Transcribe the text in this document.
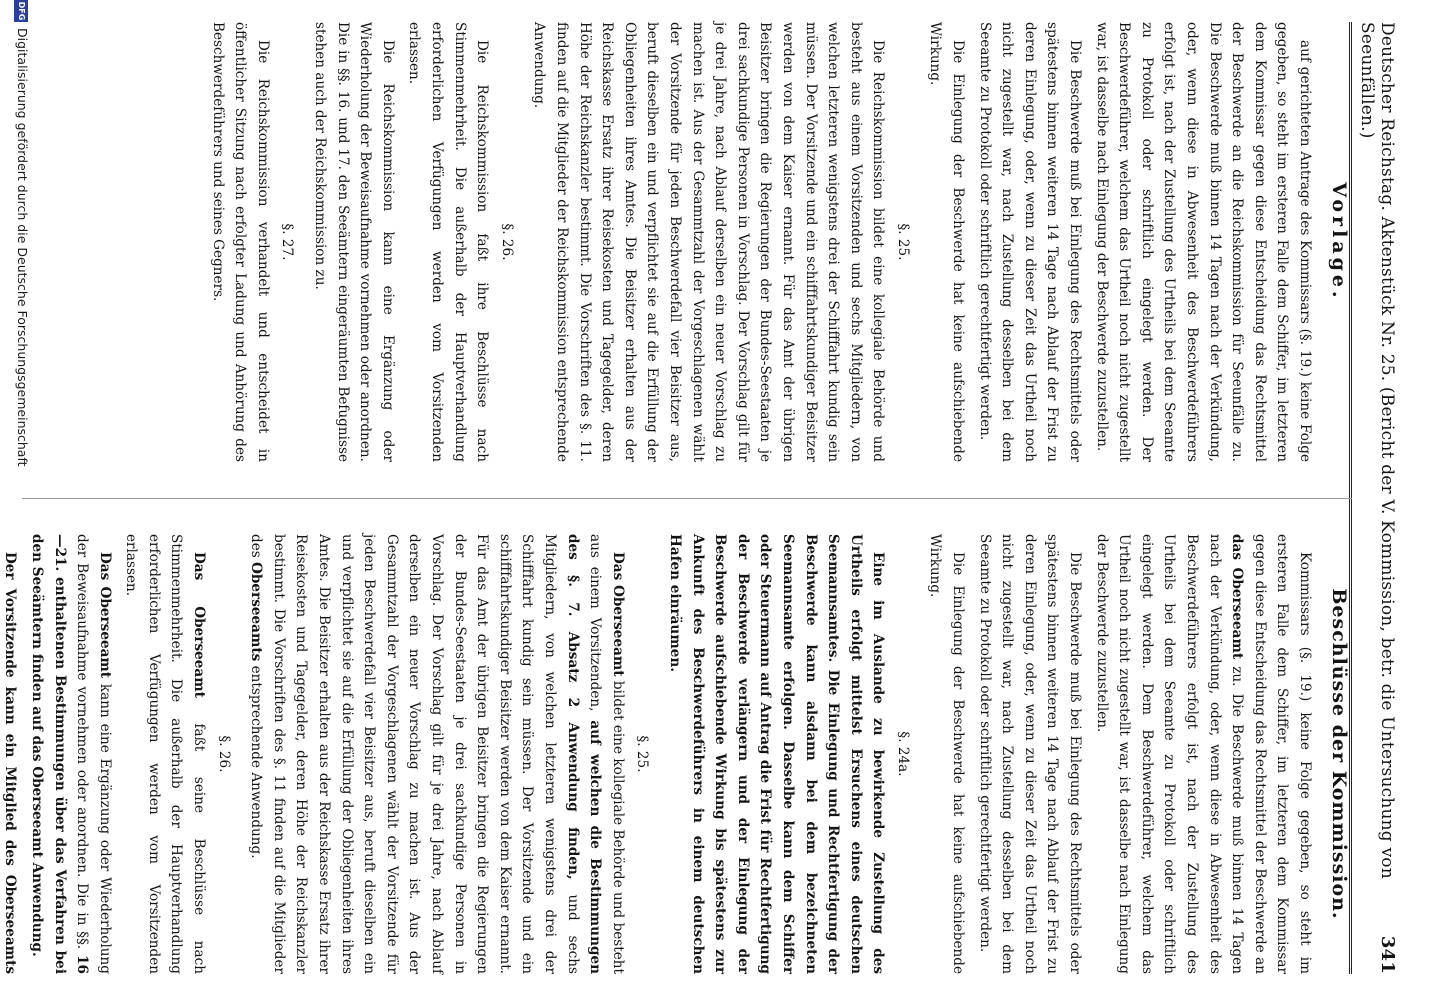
Deutscher Reichstag. Aktenstück Nr. 25. (Bericht der V. Kommission, betr. die Untersuchung von Seeunfällen.)
341
Vorlage.
Beschlüsse der Kommission.

auf gerichteten Antrage des Kommissars (§. 19.) keine Folge gegeben, so steht im ersteren Falle dem Schiffer, im letzteren dem Kommissar gegen diese Entscheidung das Rechtsmittel der Beschwerde an die Reichskommission für Seeunfälle zu. Die Beschwerde muß binnen 14 Tagen nach der Verkündung, oder, wenn diese in Abwesenheit des Beschwerdeführers erfolgt ist, nach der Zustellung des Urtheils bei dem Seeamte zu Protokoll oder schriftlich eingelegt werden. Der Beschwerdeführer, welchem das Urtheil noch nicht zugestellt war, ist dasselbe nach Einlegung der Beschwerde zuzustellen.

Die Beschwerde muß bei Einlegung des Rechtsmittels oder spätestens binnen weiteren 14 Tage nach Ablauf der Frist zu deren Einlegung, oder, wenn zu dieser Zeit das Urtheil noch nicht zugestellt war, nach Zustellung desselben bei dem Seeamte zu Protokoll oder schriftlich gerechtfertigt werden.

Die Einlegung der Beschwerde hat keine aufschiebende Wirkung.

§. 25.

Die Reichskommission bildet eine kollegiale Behörde und besteht aus einem Vorsitzenden und sechs Mitgliedern, von welchen letzteren wenigstens drei der Schifffahrt kundig sein müssen. Der Vorsitzende und ein schifffahrtskundiger Beisitzer werden von dem Kaiser ernannt. Für das Amt der übrigen Beisitzer bringen die Regierungen der Bundes-Seestaaten je drei sachkundige Personen in Vorschlag. Der Vorschlag gilt für je drei Jahre, nach Ablauf derselben ein neuer Vorschlag zu machen ist. Aus der Gesammtzahl der Vorgeschlagenen wählt der Vorsitzende für jeden Beschwerdefall vier Beisitzer aus, beruft dieselben ein und verpflichtet sie auf die Erfüllung der Obliegenheiten ihres Amtes. Die Beisitzer erhalten aus der Reichskasse Ersatz ihrer Reisekosten und Tagegelder, deren Höhe der Reichskanzler bestimmt. Die Vorschriften des §. 11. finden auf die Mitglieder der Reichskommission entsprechende Anwendung.

§. 26.

Die Reichskommission faßt ihre Beschlüsse nach Stimmenmehrheit. Die außerhalb der Hauptverhandlung erforderlichen Verfügungen werden vom Vorsitzenden erlassen.

Die Reichskommission kann eine Ergänzung oder Wiederholung der Beweisaufnahme vornehmen oder anordnen. Die in §§. 16. und 17. den Seeämtern eingeräumten Befugnisse stehen auch der Reichskommission zu.

§. 27.

Die Reichskommission verhandelt und entscheidet in öffentlicher Sitzung nach erfolgter Ladung und Anhörung des Beschwerdeführers und seines Gegners.

Kommissars (§. 19.) keine Folge gegeben, so steht im ersteren Falle dem Schiffer, im letzteren dem Kommissar gegen diese Entscheidung das Rechtsmittel der Beschwerde an das Oberseeamt zu. Die Beschwerde muß binnen 14 Tagen nach der Verkündung, oder, wenn diese in Abwesenheit des Beschwerdeführers erfolgt ist, nach der Zustellung des Urtheils bei dem Seeamte zu Protokoll oder schriftlich eingelegt werden. Dem Beschwerdeführer, welchem das Urtheil noch nicht zugestellt war, ist dasselbe nach Einlegung der Beschwerde zuzustellen.

Die Beschwerde muß bei Einlegung des Rechtsmittels oder spätestens binnen weiteren 14 Tage nach Ablauf der Frist zu deren Einlegung, oder, wenn zu dieser Zeit das Urtheil noch nicht zugestellt war, nach Zustellung desselben bei dem Seeamte zu Protokoll oder schriftlich gerechtfertigt werden.

Die Einlegung der Beschwerde hat keine aufschiebende Wirkung.

§. 24a.

Eine im Auslande zu bewirkende Zustellung des Urtheils erfolgt mittelst Ersuchens eines deutschen Seemannsamtes. Die Einlegung und Rechtfertigung der Beschwerde kann alsdann bei dem bezeichneten Seemannsamte erfolgen. Dasselbe kann dem Schiffer oder Steuermann auf Antrag die Frist für Rechtfertigung der Beschwerde verlängern und der Einlegung der Beschwerde aufschiebende Wirkung bis spätestens zur Ankunft des Beschwerdeführers in einem deutschen Hafen einräumen.

§. 25.

Das Oberseeamt bildet eine kollegiale Behörde und besteht aus einem Vorsitzenden, auf welchen die Bestimmungen des §. 7. Absatz 2 Anwendung finden, und sechs Mitgliedern, von welchen letzteren wenigstens drei der Schifffahrt kundig sein müssen. Der Vorsitzende und ein schifffahrtskundiger Beisitzer werden von dem Kaiser ernannt. Für das Amt der übrigen Beisitzer bringen die Regierungen der Bundes-Seestaaten je drei sachkundige Personen in Vorschlag. Der Vorschlag gilt für je drei Jahre, nach Ablauf derselben ein neuer Vorschlag zu machen ist. Aus der Gesammtzahl der Vorgeschlagenen wählt der Vorsitzende für jeden Beschwerdefall vier Beisitzer aus, beruft dieselben ein und verpflichtet sie auf die Erfüllung der Obliegenheiten ihres Amtes. Die Beisitzer erhalten aus der Reichskasse Ersatz ihrer Reisekosten und Tagegelder, deren Höhe der Reichskanzler bestimmt. Die Vorschriften des §. 11 finden auf die Mitglieder des Oberseeamts entsprechende Anwendung.

§. 26.

Das Oberseeamt faßt seine Beschlüsse nach Stimmenmehrheit. Die außerhalb der Hauptverhandlung erforderlichen Verfügungen werden vom Vorsitzenden erlassen.

Das Oberseeamt kann eine Ergänzung oder Wiederholung der Beweisaufnahme vornehmen oder anordnen. Die in §§. 16—21. enthaltenen Bestimmungen über das Verfahren bei den Seeämtern finden auf das Oberseeamt Anwendung.

Der Vorsitzende kann ein Mitglied des Oberseeamts

DFGDigitalisierung gefördert durch die Deutsche Forschungsgemeinschaft
